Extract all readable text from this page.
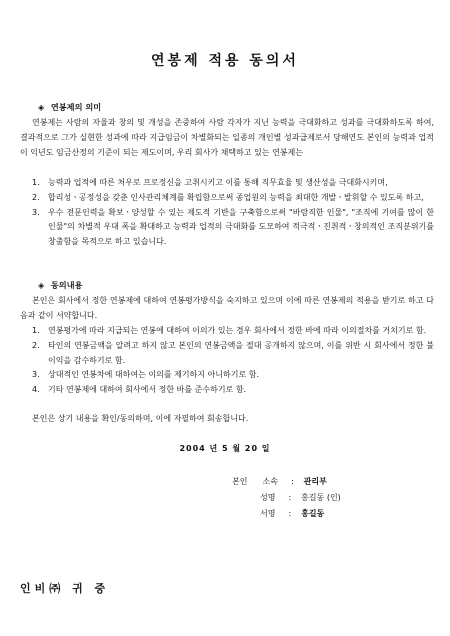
연봉제 적용 동의서
◈ 연봉제의 의미
연봉제는 사람의 자율과 창의 및 개성을 존중하여 사람 각자가 지닌 능력을 극대화하고 성과를 극대화하도록 하여, 결과적으로 그가 실현한 성과에 따라 지급임금이 차별화되는 일종의 개인별 성과급제로서 당해연도 본인의 능력과 업적이 익년도 임금산정의 기준이 되는 제도이며, 우리 회사가 채택하고 있는 연봉제는
1. 능력과 업적에 따른 처우로 프로정신을 고취시키고 이를 통해 직무효율 및 생산성을 극대화시키며,
2. 합리성ㆍ공정성을 갖춘 인사관리체계를 확립함으로써 종업원의 능력을 최대한 개발ㆍ발휘할 수 있도록 하고,
3. 우수 전문인력을 확보ㆍ양성할 수 있는 제도적 기반을 구축함으로써 "바람직한 인물", "조직에 기여를 많이 한 인물"의 차별적 우대 폭을 확대하고 능력과 업적의 극대화를 도모하여 적극적ㆍ진취적ㆍ창의적인 조직분위기를 창출함을 목적으로 하고 있습니다.
◈ 동의내용
본인은 회사에서 정한 연봉제에 대하여 연봉평가방식을 숙지하고 있으며 이에 따른 연봉제의 적용을 받기로 하고 다음과 같이 서약합니다.
1. 연봉평가에 따라 지급되는 연봉에 대하여 이의가 있는 경우 회사에서 정한 바에 따라 이의절차를 거치기로 함.
2. 타인의 연봉금액을 알려고 하지 않고 본인의 연봉금액을 절대 공개하지 않으며, 이를 위반 시 회사에서 정한 불이익을 감수하기로 함.
3. 상대적인 연봉차에 대하여는 이의를 제기하지 아니하기로 함.
4. 기타 연봉제에 대하여 회사에서 정한 바를 준수하기로 함.
본인은 상기 내용을 확인/동의하며, 이에 자필하여 회송합니다.
2004 년 5 월 20 일
본인 소속 : 관리부
성명 : 홍길동 (인)
서명 : 홍길동
인비㈜ 귀 중
